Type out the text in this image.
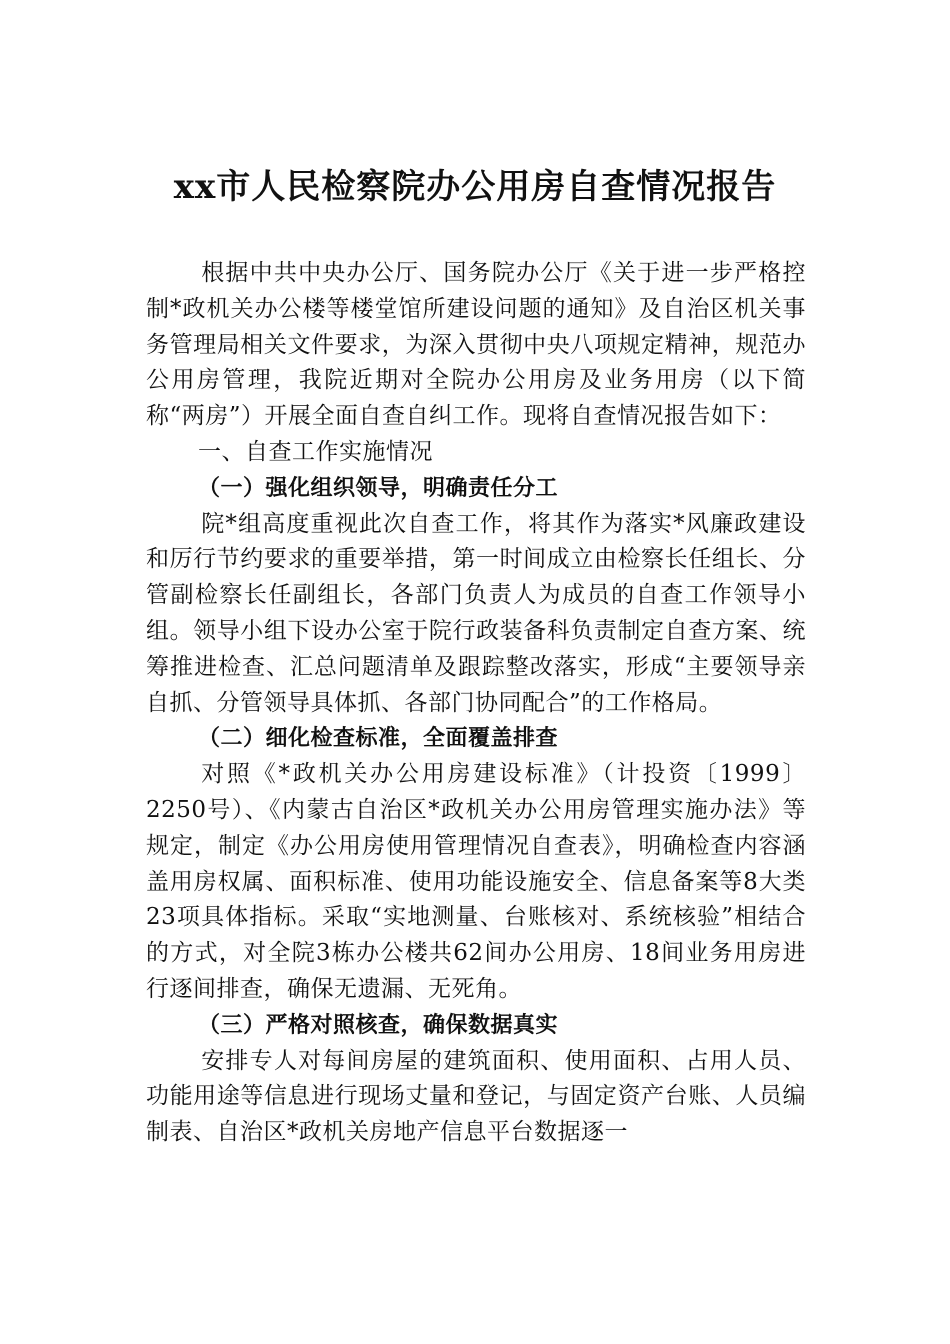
xx市人民检察院办公用房自查情况报告

根据中共中央办公厅、国务院办公厅《关于进一步严格控制*政机关办公楼等楼堂馆所建设问题的通知》及自治区机关事务管理局相关文件要求，为深入贯彻中央八项规定精神，规范办公用房管理，我院近期对全院办公用房及业务用房（以下简称“两房”）开展全面自查自纠工作。现将自查情况报告如下：

一、自查工作实施情况

（一）强化组织领导，明确责任分工

院*组高度重视此次自查工作，将其作为落实*风廉政建设和厉行节约要求的重要举措，第一时间成立由检察长任组长、分管副检察长任副组长，各部门负责人为成员的自查工作领导小组。领导小组下设办公室于院行政装备科负责制定自查方案、统筹推进检查、汇总问题清单及跟踪整改落实，形成“主要领导亲自抓、分管领导具体抓、各部门协同配合”的工作格局。

（二）细化检查标准，全面覆盖排查

对照《*政机关办公用房建设标准》（计投资〔1999〕2250号）、《内蒙古自治区*政机关办公用房管理实施办法》等规定，制定《办公用房使用管理情况自查表》，明确检查内容涵盖用房权属、面积标准、使用功能设施安全、信息备案等8大类23项具体指标。采取“实地测量、台账核对、系统核验”相结合的方式，对全院3栋办公楼共62间办公用房、18间业务用房进行逐间排查，确保无遗漏、无死角。

（三）严格对照核查，确保数据真实

安排专人对每间房屋的建筑面积、使用面积、占用人员、功能用途等信息进行现场丈量和登记，与固定资产台账、人员编制表、自治区*政机关房地产信息平台数据逐一
